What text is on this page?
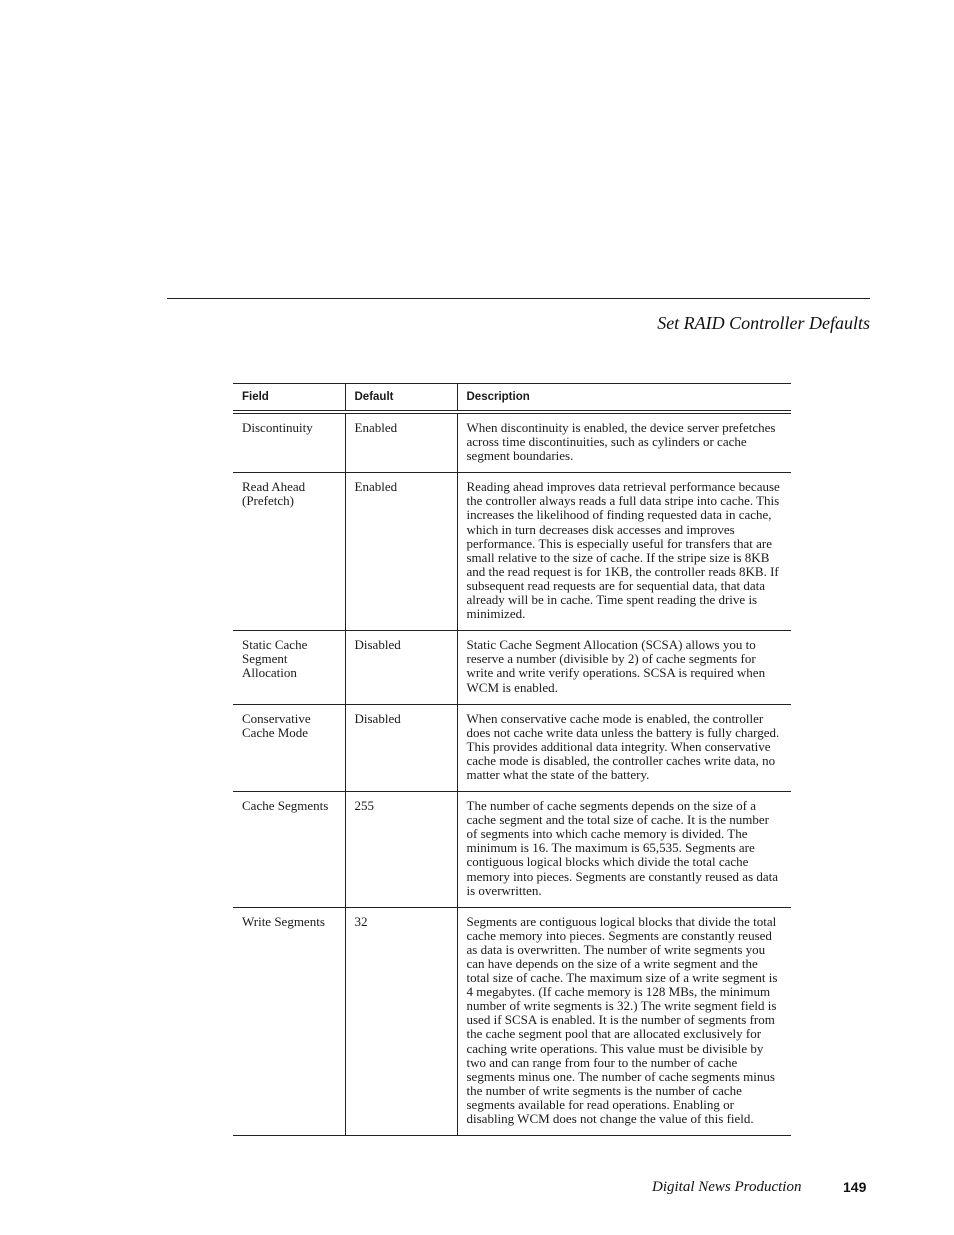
Set RAID Controller Defaults
Field	Default	Description
Discontinuity	Enabled	When discontinuity is enabled, the device server prefetches across time discontinuities, such as cylinders or cache segment boundaries.
Read Ahead (Prefetch)	Enabled	Reading ahead improves data retrieval performance because the controller always reads a full data stripe into cache. This increases the likelihood of finding requested data in cache, which in turn decreases disk accesses and improves performance. This is especially useful for transfers that are small relative to the size of cache. If the stripe size is 8KB and the read request is for 1KB, the controller reads 8KB. If subsequent read requests are for sequential data, that data already will be in cache. Time spent reading the drive is minimized.
Static Cache Segment Allocation	Disabled	Static Cache Segment Allocation (SCSA) allows you to reserve a number (divisible by 2) of cache segments for write and write verify operations. SCSA is required when WCM is enabled.
Conservative Cache Mode	Disabled	When conservative cache mode is enabled, the controller does not cache write data unless the battery is fully charged. This provides additional data integrity. When conservative cache mode is disabled, the controller caches write data, no matter what the state of the battery.
Cache Segments	255	The number of cache segments depends on the size of a cache segment and the total size of cache. It is the number of segments into which cache memory is divided. The minimum is 16. The maximum is 65,535. Segments are contiguous logical blocks which divide the total cache memory into pieces. Segments are constantly reused as data is overwritten.
Write Segments	32	Segments are contiguous logical blocks that divide the total cache memory into pieces. Segments are constantly reused as data is overwritten. The number of write segments you can have depends on the size of a write segment and the total size of cache. The maximum size of a write segment is 4 megabytes. (If cache memory is 128 MBs, the minimum number of write segments is 32.) The write segment field is used if SCSA is enabled. It is the number of segments from the cache segment pool that are allocated exclusively for caching write operations. This value must be divisible by two and can range from four to the number of cache segments minus one. The number of cache segments minus the number of write segments is the number of cache segments available for read operations. Enabling or disabling WCM does not change the value of this field.
Digital News Production	149
